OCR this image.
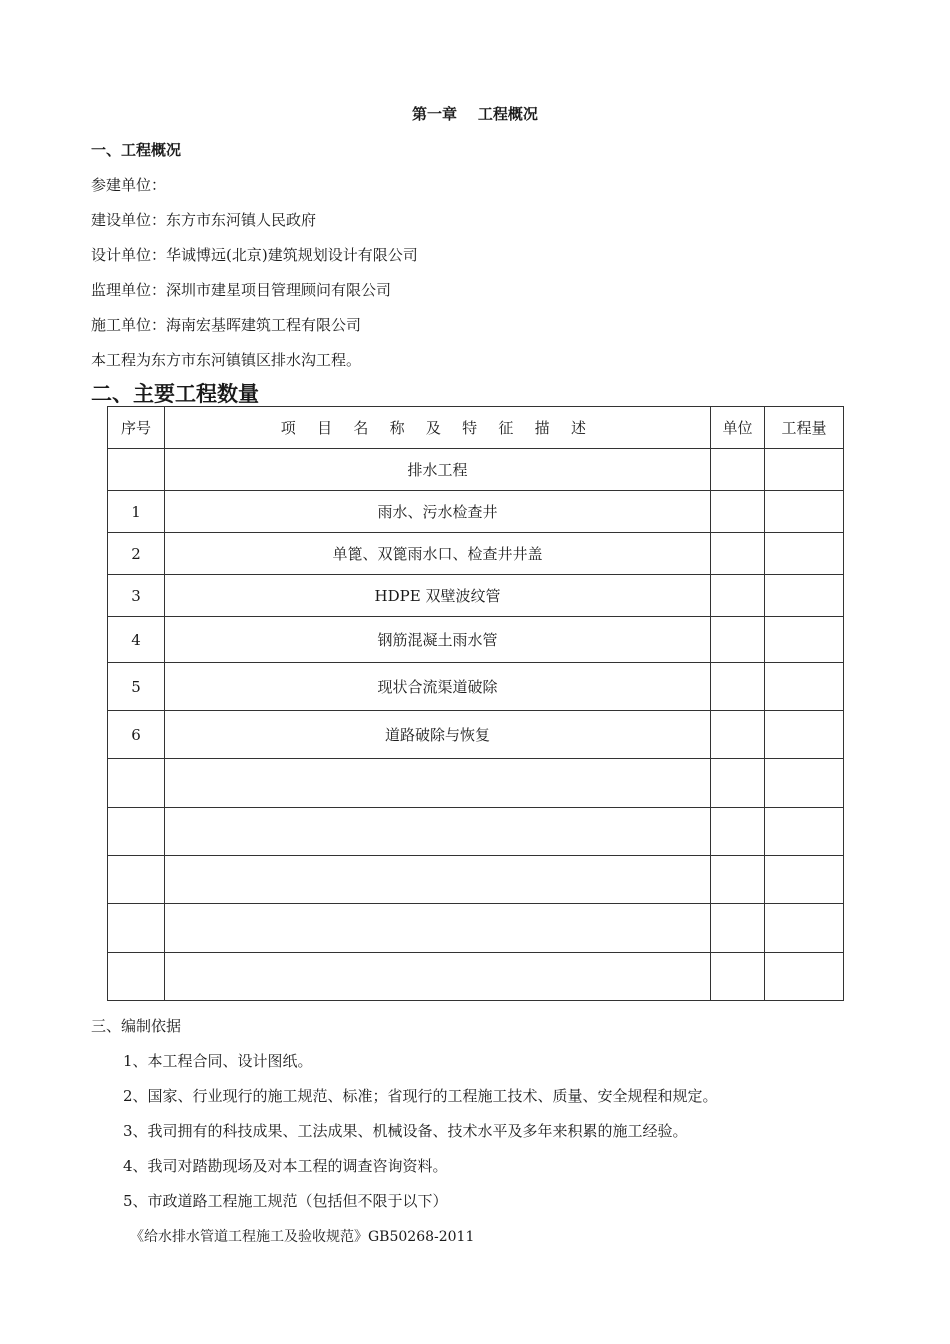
第一章    工程概况
一、工程概况
参建单位：
建设单位：东方市东河镇人民政府
设计单位：华诚博远(北京)建筑规划设计有限公司
监理单位：深圳市建星项目管理顾问有限公司
施工单位：海南宏基晖建筑工程有限公司
本工程为东方市东河镇镇区排水沟工程。
二、主要工程数量
序号	项 目 名 称 及 特 征 描 述	单位	工程量
	排水工程		
1	雨水、污水检查井		
2	单篦、双篦雨水口、检查井井盖		
3	HDPE 双壁波纹管		
4	钢筋混凝土雨水管		
5	现状合流渠道破除		
6	道路破除与恢复		

三、编制依据
1、本工程合同、设计图纸。
2、国家、行业现行的施工规范、标准；省现行的工程施工技术、质量、安全规程和规定。
3、我司拥有的科技成果、工法成果、机械设备、技术水平及多年来积累的施工经验。
4、我司对踏勘现场及对本工程的调查咨询资料。
5、市政道路工程施工规范（包括但不限于以下）
《给水排水管道工程施工及验收规范》GB50268-2011
